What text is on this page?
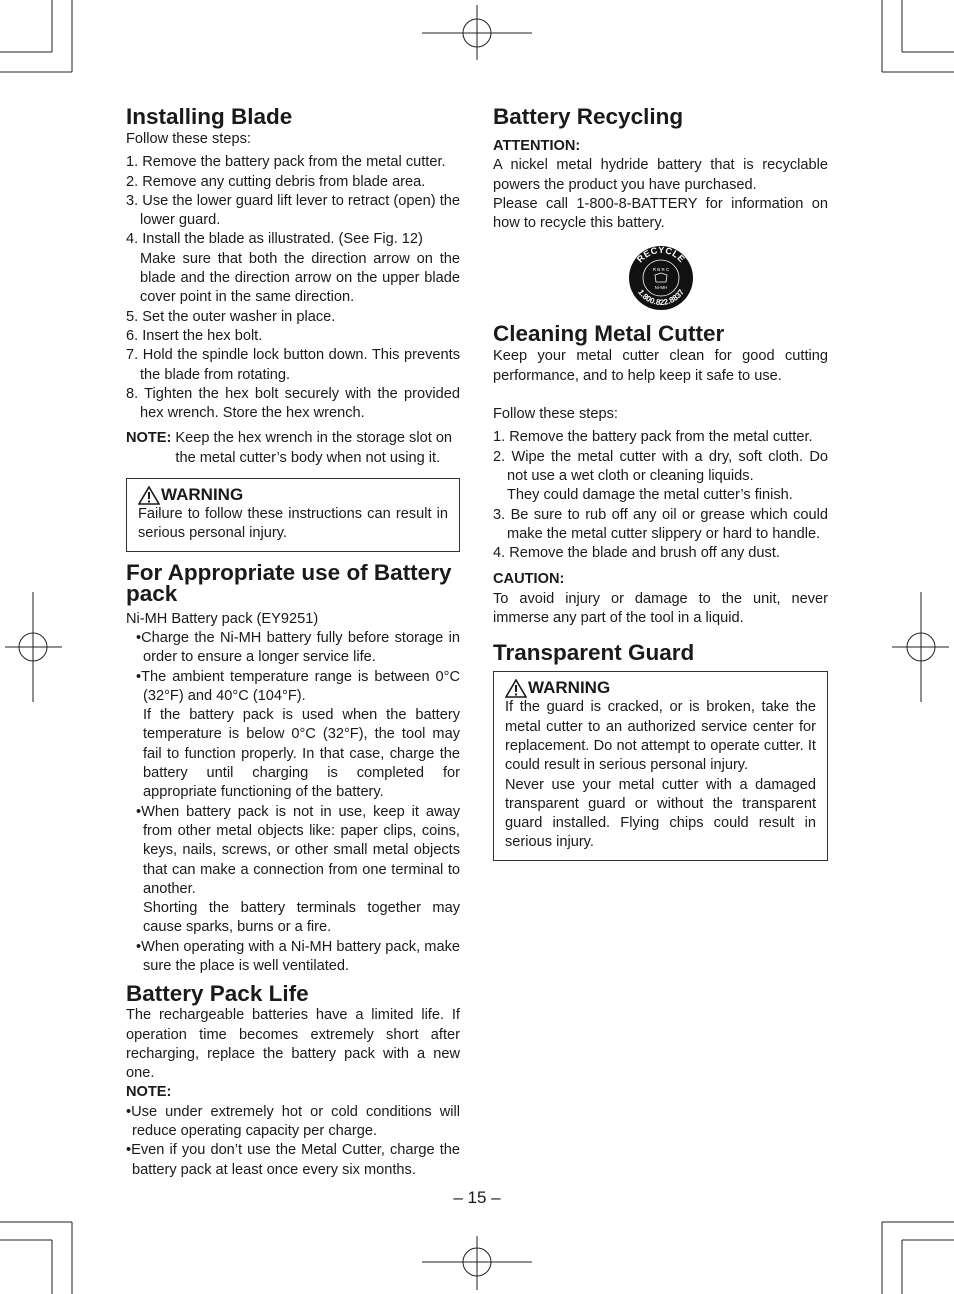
Installing Blade

Follow these steps:

1. Remove the battery pack from the metal cutter.
2. Remove any cutting debris from blade area.
3. Use the lower guard lift lever to retract (open) the lower guard.
4. Install the blade as illustrated. (See Fig. 12)
Make sure that both the direction arrow on the blade and the direction arrow on the upper blade cover point in the same direction.
5. Set the outer washer in place.
6. Insert the hex bolt.
7. Hold the spindle lock button down. This prevents the blade from rotating.
8. Tighten the hex bolt securely with the provided hex wrench. Store the hex wrench.
NOTE: Keep the hex wrench in the storage slot on the metal cutter’s body when not using it.
WARNING

Failure to follow these instructions can result in serious personal injury.

For Appropriate use of Battery pack

Ni-MH Battery pack (EY9251)

•Charge the Ni-MH battery fully before storage in order to ensure a longer service life.
•The ambient temperature range is between 0°C (32°F) and 40°C (104°F).
If the battery pack is used when the battery temperature is below 0°C (32°F), the tool may fail to function properly. In that case, charge the battery until charging is completed for appropriate functioning of the battery.
•When battery pack is not in use, keep it away from other metal objects like: paper clips, coins, keys, nails, screws, or other small metal objects that can make a connection from one terminal to another.
Shorting the battery terminals together may cause sparks, burns or a fire.
•When operating with a Ni-MH battery pack, make sure the place is well ventilated.
Battery Pack Life

The rechargeable batteries have a limited life. If operation time becomes extremely short after recharging, replace the battery pack with a new one.

NOTE:

•Use under extremely hot or cold conditions will reduce operating capacity per charge.
•Even if you don’t use the Metal Cutter, charge the battery pack at least once every six months.
Battery Recycling

ATTENTION:

A nickel metal hydride battery that is recyclable powers the product you have purchased.

Please call 1-800-8-BATTERY for information on how to recycle this battery.

RECYCLE
1.800.822.8837
R B R C
Ni-MH
Cleaning Metal Cutter

Keep your metal cutter clean for good cutting performance, and to help keep it safe to use.

Follow these steps:

1. Remove the battery pack from the metal cutter.
2. Wipe the metal cutter with a dry, soft cloth. Do not use a wet cloth or cleaning liquids.
They could damage the metal cutter’s finish.
3. Be sure to rub off any oil or grease which could make the metal cutter slippery or hard to handle.
4. Remove the blade and brush off any dust.

CAUTION:

To avoid injury or damage to the unit, never immerse any part of the tool in a liquid.

Transparent Guard
WARNING

If the guard is cracked, or is broken, take the metal cutter to an authorized service center for replacement. Do not attempt to operate cutter. It could result in serious personal injury.

Never use your metal cutter with a damaged transparent guard or without the transparent guard installed. Flying chips could result in serious injury.

– 15 –
